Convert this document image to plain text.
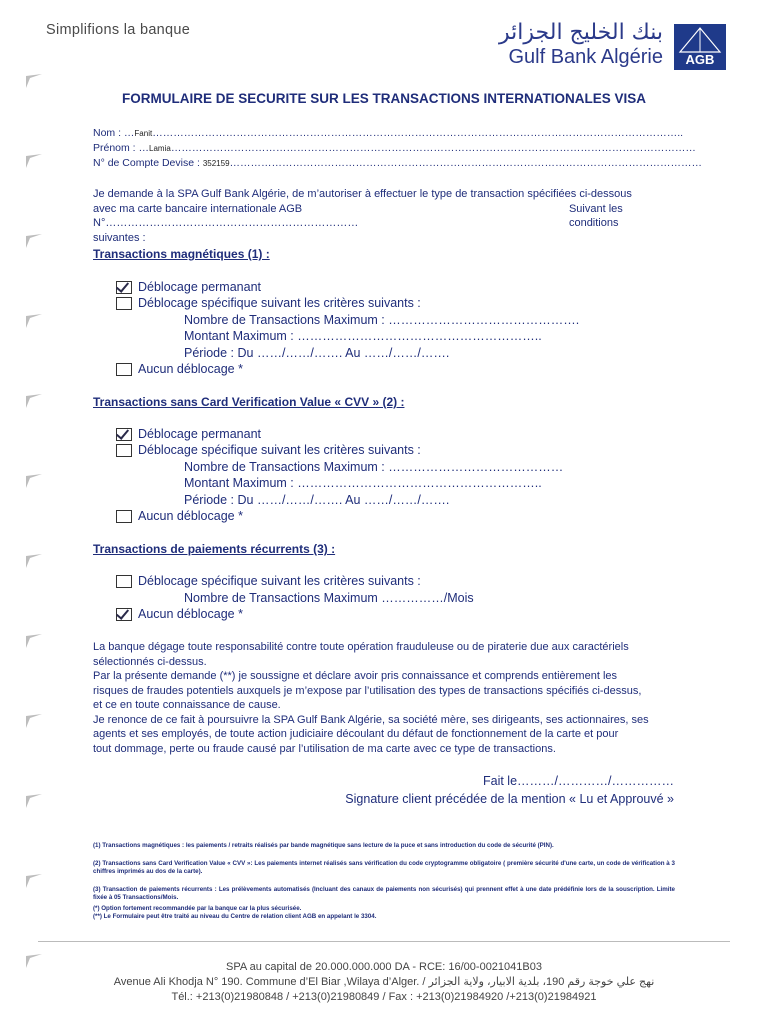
Simplifions la banque	بنك الخليج الجزائر
Gulf Bank Algérie AGB
FORMULAIRE DE SECURITE SUR LES TRANSACTIONS INTERNATIONALES VISA
Nom : …Fanit……………………………………………………………………………………………………………………………………..
Prénom : …Lamia……………………………………………………………………………………………………………………………………
N° de Compte Devise : 352159………………………………………………………………………………………………………………………
Je demande à la SPA Gulf Bank Algérie, de m’autoriser à effectuer le type de transaction spécifiées ci-dessous
avec ma carte bancaire internationale AGB N°……………………………………………………………
Suivant les conditions
suivantes :
Transactions magnétiques (1) :
Déblocage permanant
Déblocage spécifique suivant les critères suivants :
Nombre de Transactions Maximum : ……………………………………….
Montant Maximum : …………………………………………………..
Période : Du ……/……/……. Au ……/……/…….
Aucun déblocage *
Transactions sans Card Verification Value « CVV » (2) :
Déblocage permanant
Déblocage spécifique suivant les critères suivants :
Nombre de Transactions Maximum : ……………………………………
Montant Maximum : …………………………………………………..
Période : Du ……/……/……. Au ……/……/…….
Aucun déblocage *
Transactions de paiements récurrents (3) :
Déblocage spécifique suivant les critères suivants :
Nombre de Transactions Maximum ……………/Mois
Aucun déblocage *
La banque dégage toute responsabilité contre toute opération frauduleuse ou de piraterie due aux caractériels
sélectionnés ci-dessus.
Par la présente demande (**) je soussigne et déclare avoir pris connaissance et comprends entièrement les
risques de fraudes potentiels auxquels je m’expose par l’utilisation des types de transactions spécifiés ci-dessus,
et ce en toute connaissance de cause.
Je renonce de ce fait à poursuivre la SPA Gulf Bank Algérie, sa société mère, ses dirigeants, ses actionnaires, ses
agents et ses employés, de toute action judiciaire découlant du défaut de fonctionnement de la carte et pour
tout dommage, perte ou fraude causé par l’utilisation de ma carte avec ce type de transactions.
Fait le………/…………/……………
Signature client précédée de la mention « Lu et Approuvé »
(1) Transactions magnétiques : les paiements / retraits réalisés par bande magnétique sans lecture de la puce et sans introduction du code de sécurité (PIN).
(2) Transactions sans Card Verification Value « CVV »: Les paiements internet réalisés sans vérification du code cryptogramme obligatoire ( première sécurité d'une carte, un code de vérification à 3 chiffres imprimés au dos de la carte).
(3) Transaction de paiements récurrents : Les prélèvements automatisés (Incluant des canaux de paiements non sécurisés) qui prennent effet à une date prédéfinie lors de la souscription. Limite fixée à 05 Transactions/Mois.
(*) Option fortement recommandée par la banque car la plus sécurisée.
(**) Le Formulaire peut être traité au niveau du Centre de relation client AGB en appelant le 3304.
SPA au capital de 20.000.000.000 DA - RCE: 16/00-0021041B03
Avenue Ali Khodja N° 190. Commune d’El Biar ,Wilaya d’Alger. / نهج علي خوجة رقم 190، بلدية الابيار، ولاية الجزائر
Tél.: +213(0)21980848 / +213(0)21980849 / Fax : +213(0)21984920 /+213(0)21984921
